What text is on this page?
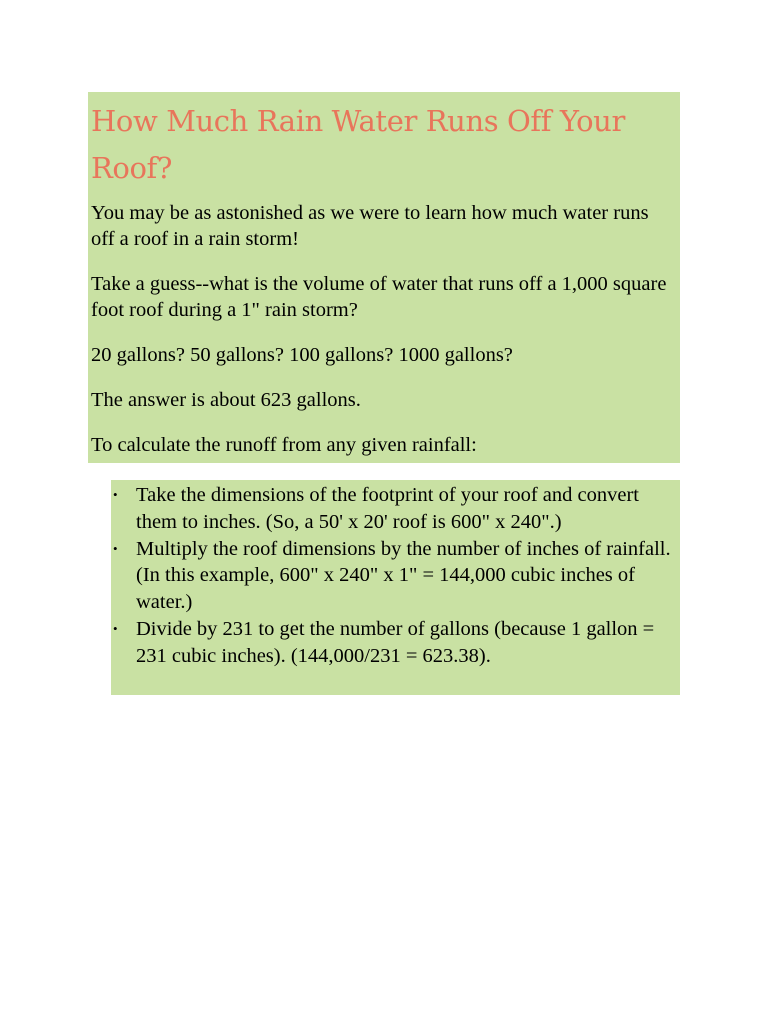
How Much Rain Water Runs Off Your Roof?

You may be as astonished as we were to learn how much water runs off a roof in a rain storm!

Take a guess--what is the volume of water that runs off a 1,000 square foot roof during a 1" rain storm?

20 gallons? 50 gallons? 100 gallons? 1000 gallons?

The answer is about 623 gallons.

To calculate the runoff from any given rainfall:

• Take the dimensions of the footprint of your roof and convert them to inches. (So, a 50' x 20' roof is 600" x 240".)
• Multiply the roof dimensions by the number of inches of rainfall. (In this example, 600" x 240" x 1" = 144,000 cubic inches of water.)
• Divide by 231 to get the number of gallons (because 1 gallon = 231 cubic inches). (144,000/231 = 623.38).
